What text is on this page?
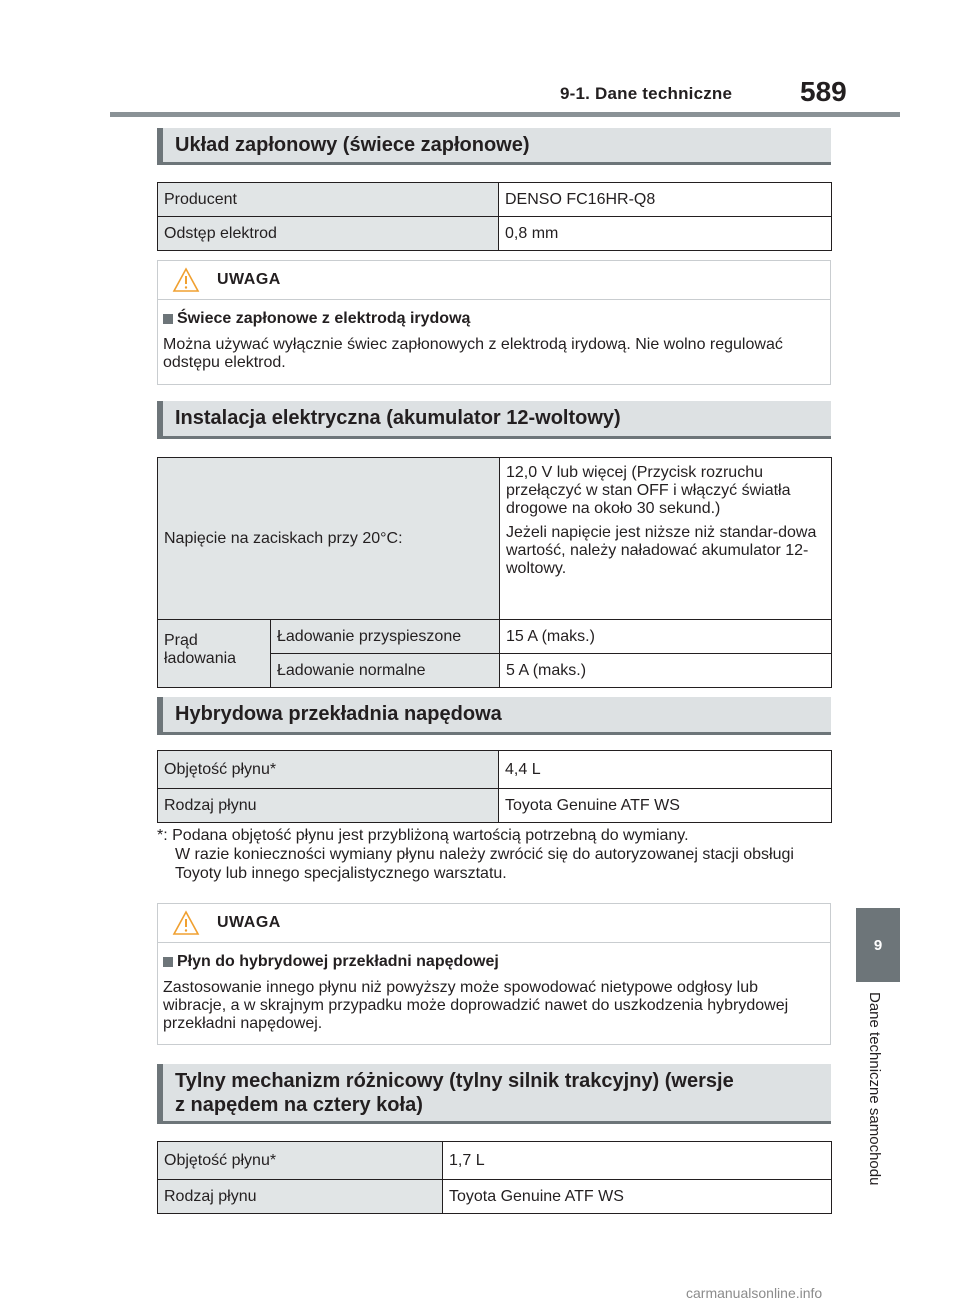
9-1. Dane techniczne 589
9
Dane techniczne samochodu
Układ zapłonowy (świece zapłonowe)
Producent	DENSO FC16HR-Q8
Odstęp elektrod	0,8 mm
UWAGA
Świece zapłonowe z elektrodą irydową
Można używać wyłącznie świec zapłonowych z elektrodą irydową. Nie wolno regulować odstępu elektrod.
Instalacja elektryczna (akumulator 12-woltowy)
Napięcie na zaciskach przy 20°C:		12,0 V lub więcej (Przycisk rozruchu przełączyć w stan OFF i włączyć światła drogowe na około 30 sekund.)
Jeżeli napięcie jest niższe niż standar-dowa wartość, należy naładować akumulator 12-woltowy.

Prąd ładowania	Ładowanie przyspieszone	15 A (maks.)
	Ładowanie normalne	5 A (maks.)
Hybrydowa przekładnia napędowa
Objętość płynu*	4,4 L
Rodzaj płynu	Toyota Genuine ATF WS
*: Podana objętość płynu jest przybliżoną wartością potrzebną do wymiany.
W razie konieczności wymiany płynu należy zwrócić się do autoryzowanej stacji obsługi Toyoty lub innego specjalistycznego warsztatu.
UWAGA
Płyn do hybrydowej przekładni napędowej
Zastosowanie innego płynu niż powyższy może spowodować nietypowe odgłosy lub wibracje, a w skrajnym przypadku może doprowadzić nawet do uszkodzenia hybrydowej przekładni napędowej.
Tylny mechanizm różnicowy (tylny silnik trakcyjny) (wersje
z napędem na cztery koła)
Objętość płynu*	1,7 L
Rodzaj płynu	Toyota Genuine ATF WS
carmanualsonline.info
